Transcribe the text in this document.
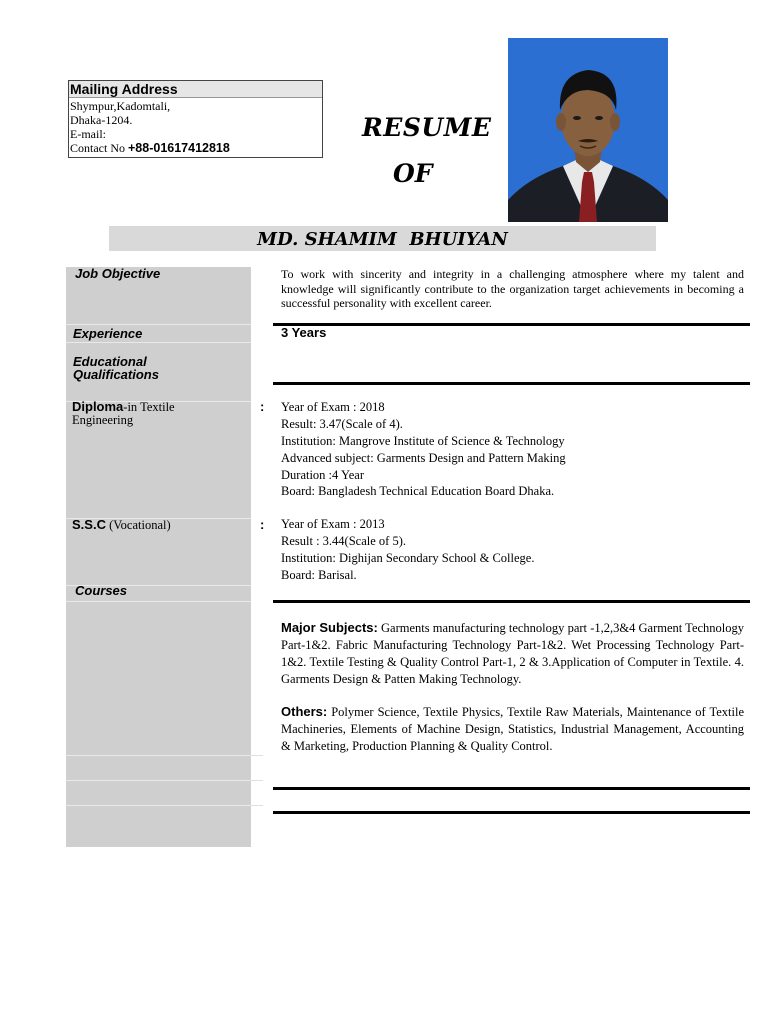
Mailing Address
Shympur,Kadomtali,
Dhaka-1204.
E-mail:
Contact No +88-01617412818
RESUME
OF
MD. SHAMIM  BHUIYAN
Job Objective
Experience
Educational
Qualifications
Diploma-in Textile
Engineering
S.S.C (Vocational)
Courses
:
:
To work with sincerity and integrity in a challenging atmosphere where my talent and knowledge will significantly contribute to the organization target achievements in becoming a successful personality with excellent career.
3 Years
Year of Exam : 2018
Result: 3.47(Scale of 4).
Institution: Mangrove Institute of Science & Technology
Advanced subject: Garments Design and Pattern Making
Duration :4 Year
Board: Bangladesh Technical Education Board Dhaka.
Year of Exam : 2013
Result : 3.44(Scale of 5).
Institution: Dighijan Secondary School & College.
Board: Barisal.
Major Subjects: Garments manufacturing technology part -1,2,3&4 Garment Technology Part-1&2. Fabric Manufacturing Technology Part-1&2. Wet Processing Technology Part-1&2. Textile Testing & Quality Control Part-1, 2 & 3.Application of Computer in Textile. 4. Garments Design & Patten Making Technology.
Others: Polymer Science, Textile Physics, Textile Raw Materials, Maintenance of Textile Machineries, Elements of Machine Design, Statistics, Industrial Management, Accounting & Marketing, Production Planning & Quality Control.
